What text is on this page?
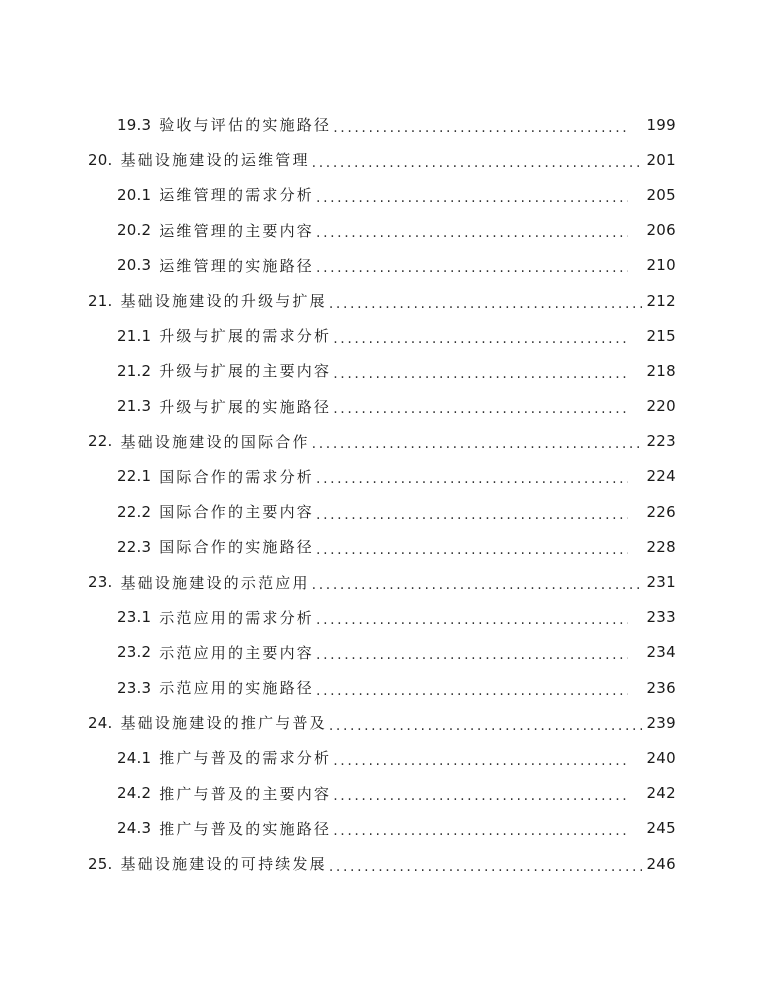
19.3 验收与评估的实施路径 .....	199
20. 基础设施建设的运维管理 .....	201
20.1 运维管理的需求分析 .....	205
20.2 运维管理的主要内容 .....	206
20.3 运维管理的实施路径 .....	210
21. 基础设施建设的升级与扩展 .....	212
21.1 升级与扩展的需求分析 .....	215
21.2 升级与扩展的主要内容 .....	218
21.3 升级与扩展的实施路径 .....	220
22. 基础设施建设的国际合作 .....	223
22.1 国际合作的需求分析 .....	224
22.2 国际合作的主要内容 .....	226
22.3 国际合作的实施路径 .....	228
23. 基础设施建设的示范应用 .....	231
23.1 示范应用的需求分析 .....	233
23.2 示范应用的主要内容 .....	234
23.3 示范应用的实施路径 .....	236
24. 基础设施建设的推广与普及 .....	239
24.1 推广与普及的需求分析 .....	240
24.2 推广与普及的主要内容 .....	242
24.3 推广与普及的实施路径 .....	245
25. 基础设施建设的可持续发展 .....	246
